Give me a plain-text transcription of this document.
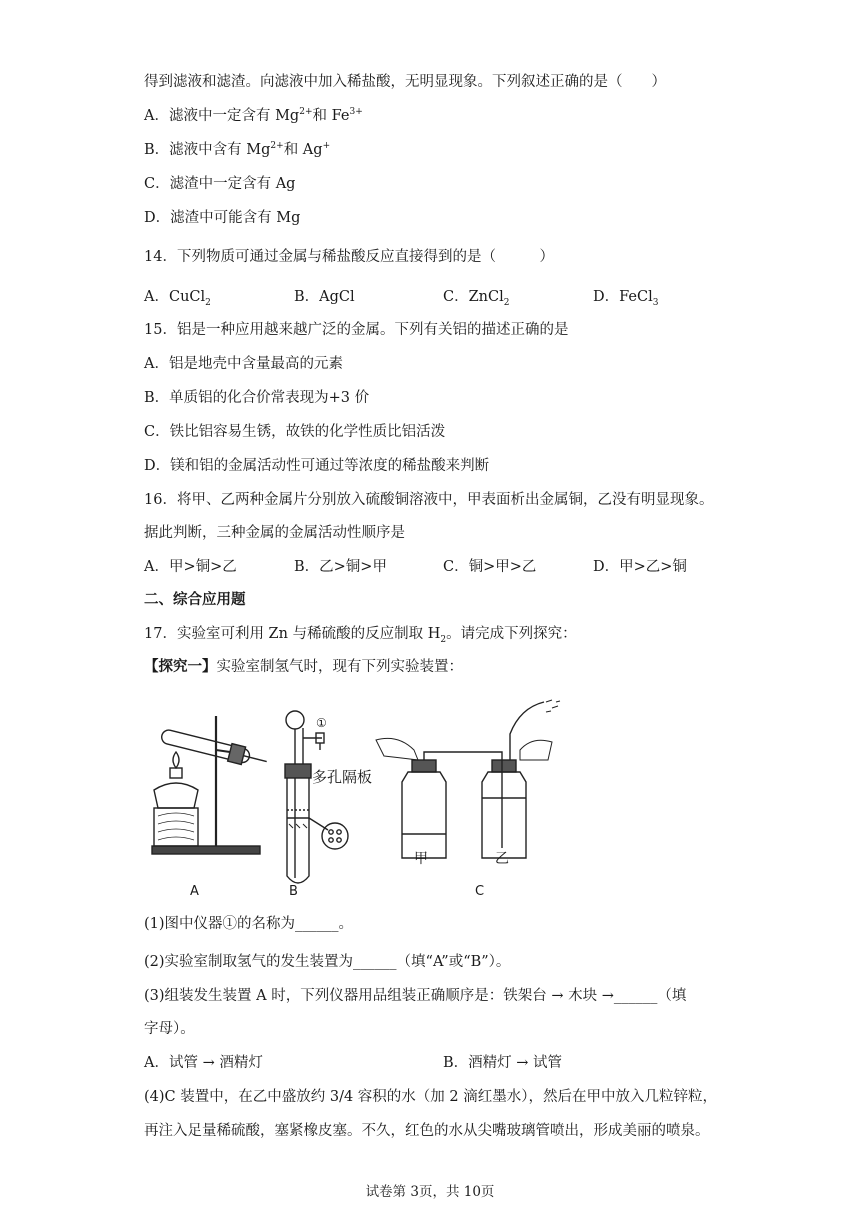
得到滤液和滤渣。向滤液中加入稀盐酸，无明显现象。下列叙述正确的是（　　）
A．滤液中一定含有 $Mg^{2+}$和 $Fe^{3+}$
B．滤液中含有 $Mg^{2+}$和 Ag+
C．滤渣中一定含有 Ag
D．滤渣中可能含有 Mg
14．下列物质可通过金属与稀盐酸反应直接得到的是（　　　）
A．CuCl$_2$	B．AgCl	C．ZnCl$_2$	D．FeCl$_3$
15．铝是一种应用越来越广泛的金属。下列有关铝的描述正确的是
A．铝是地壳中含量最高的元素
B．单质铝的化合价常表现为+3 价
C．铁比铝容易生锈，故铁的化学性质比铝活泼
D．镁和铝的金属活动性可通过等浓度的稀盐酸来判断
16．将甲、乙两种金属片分别放入硫酸铜溶液中，甲表面析出金属铜，乙没有明显现象。
据此判断，三种金属的金属活动性顺序是
A．甲>铜>乙	B．乙>铜>甲	C．铜>甲>乙	D．甲>乙>铜
二、综合应用题
17．实验室可利用 Zn 与稀硫酸的反应制取 $H_2$。请完成下列探究：
【探究一】实验室制氢气时，现有下列实验装置：
A	B	C
①
多孔隔板
甲	乙
(1)图中仪器①的名称为______。
(2)实验室制取氢气的发生装置为______（填“A”或“B”）。
(3)组装发生装置 A 时，下列仪器用品组装正确顺序是：铁架台 → 木块 →______（填
字母）。
A．试管 → 酒精灯	B．酒精灯 → 试管
(4)C 装置中，在乙中盛放约 3/4 容积的水（加 2 滴红墨水），然后在甲中放入几粒锌粒，
再注入足量稀硫酸，塞紧橡皮塞。不久，红色的水从尖嘴玻璃管喷出，形成美丽的喷泉。
试卷第 3页，共 10页
